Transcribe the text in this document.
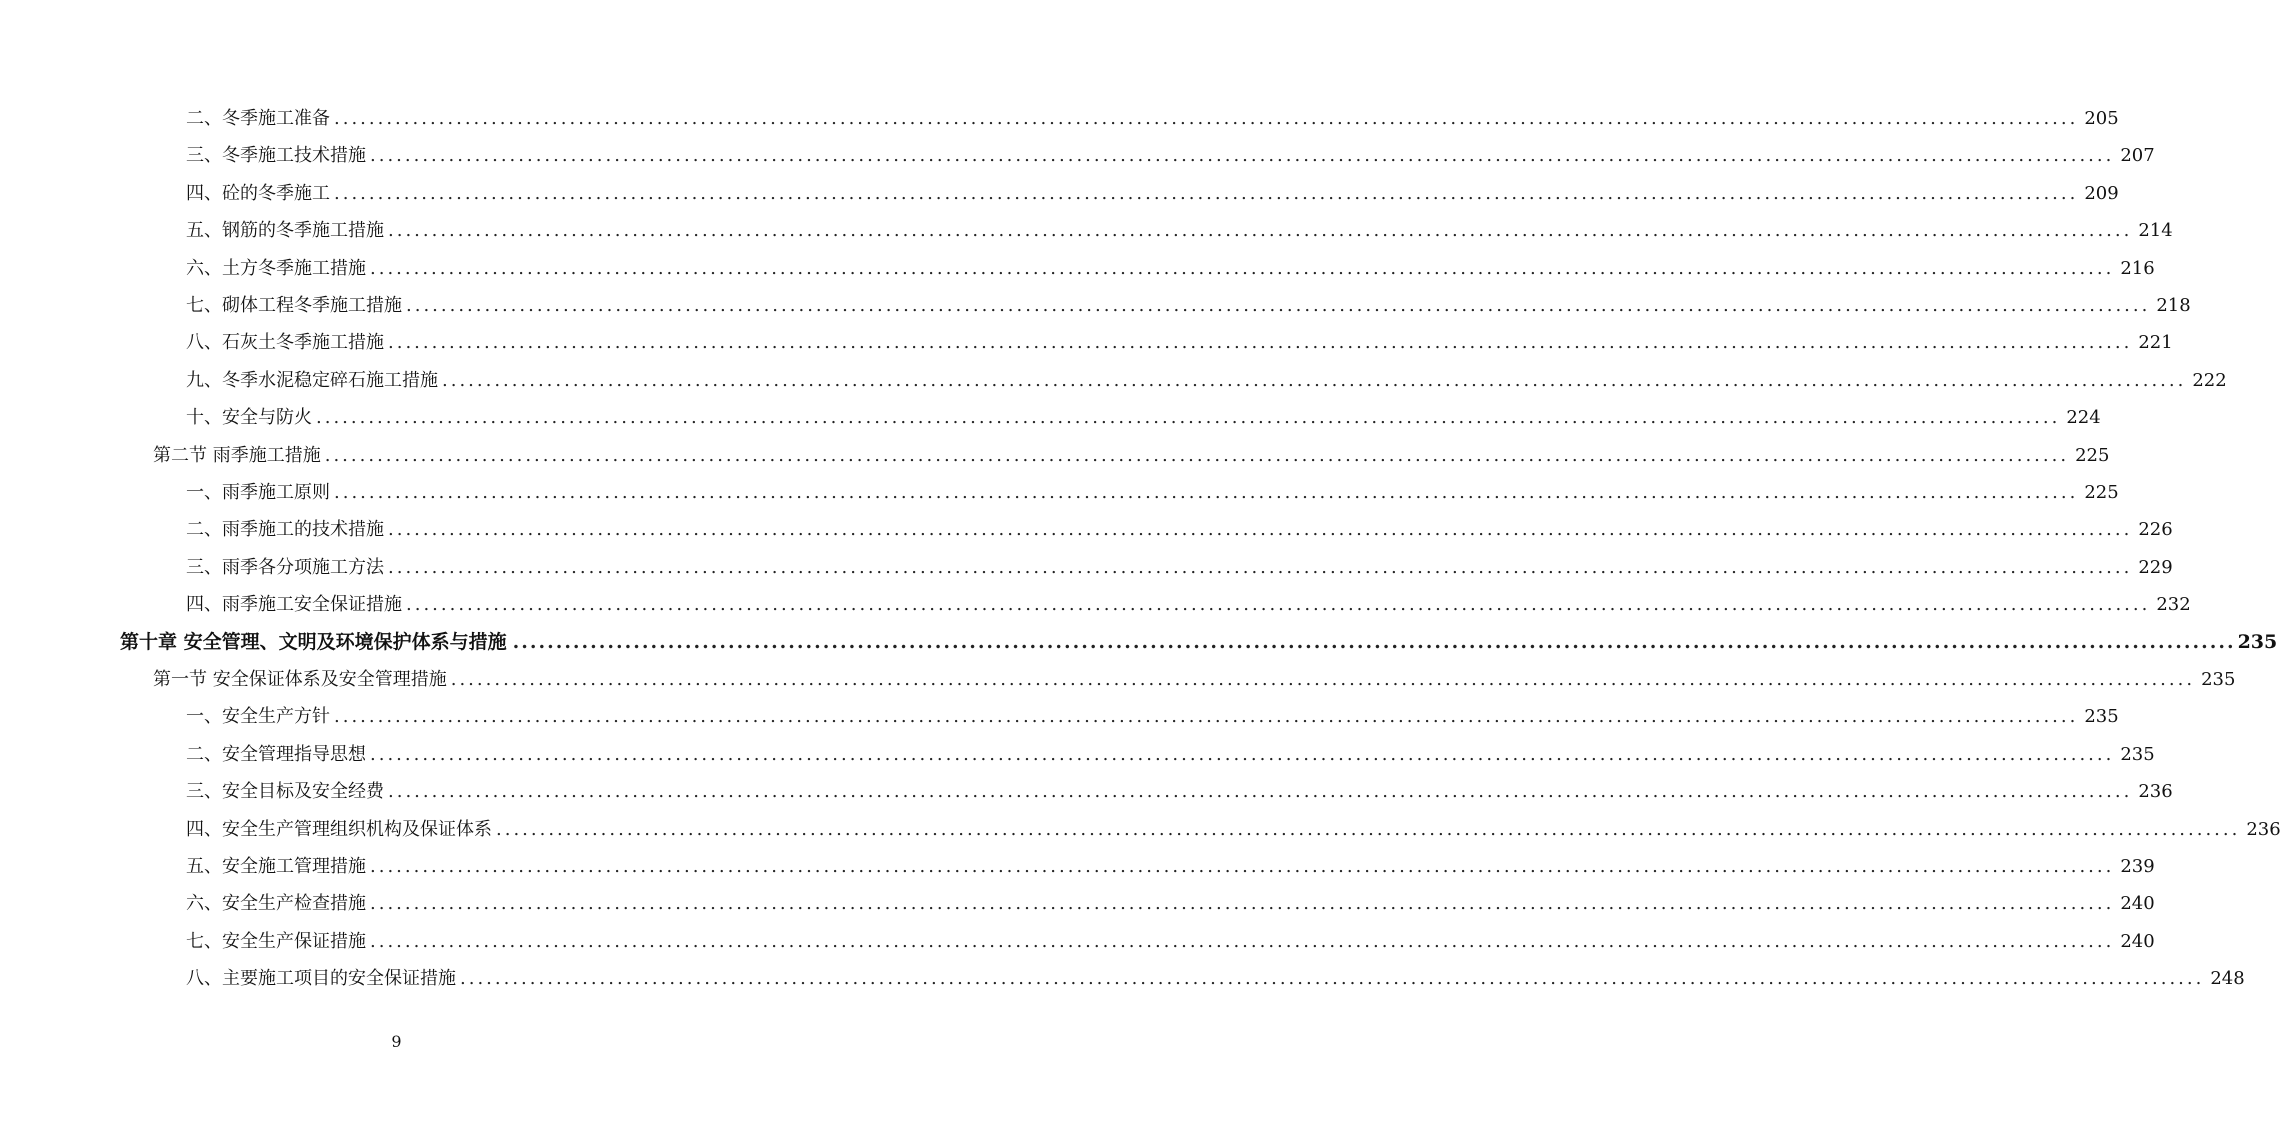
二、冬季施工准备 ........................................................................................................................................................................................................ 205
三、冬季施工技术措施 ........................................................................................................................................................................................................ 207
四、砼的冬季施工 ........................................................................................................................................................................................................ 209
五、钢筋的冬季施工措施 ........................................................................................................................................................................................................ 214
六、土方冬季施工措施 ........................................................................................................................................................................................................ 216
七、砌体工程冬季施工措施 ........................................................................................................................................................................................................ 218
八、石灰土冬季施工措施 ........................................................................................................................................................................................................ 221
九、冬季水泥稳定碎石施工措施 ........................................................................................................................................................................................................ 222
十、安全与防火 ........................................................................................................................................................................................................ 224
第二节 雨季施工措施 ........................................................................................................................................................................................................ 225
一、雨季施工原则 ........................................................................................................................................................................................................ 225
二、雨季施工的技术措施 ........................................................................................................................................................................................................ 226
三、雨季各分项施工方法 ........................................................................................................................................................................................................ 229
四、雨季施工安全保证措施 ........................................................................................................................................................................................................ 232
第十章 安全管理、文明及环境保护体系与措施 ........................................................................................................................................................................................................ 235
第一节 安全保证体系及安全管理措施 ........................................................................................................................................................................................................ 235
一、安全生产方针 ........................................................................................................................................................................................................ 235
二、安全管理指导思想 ........................................................................................................................................................................................................ 235
三、安全目标及安全经费 ........................................................................................................................................................................................................ 236
四、安全生产管理组织机构及保证体系 ........................................................................................................................................................................................................ 236
五、安全施工管理措施 ........................................................................................................................................................................................................ 239
六、安全生产检查措施 ........................................................................................................................................................................................................ 240
七、安全生产保证措施 ........................................................................................................................................................................................................ 240
八、主要施工项目的安全保证措施 ........................................................................................................................................................................................................ 248
9
